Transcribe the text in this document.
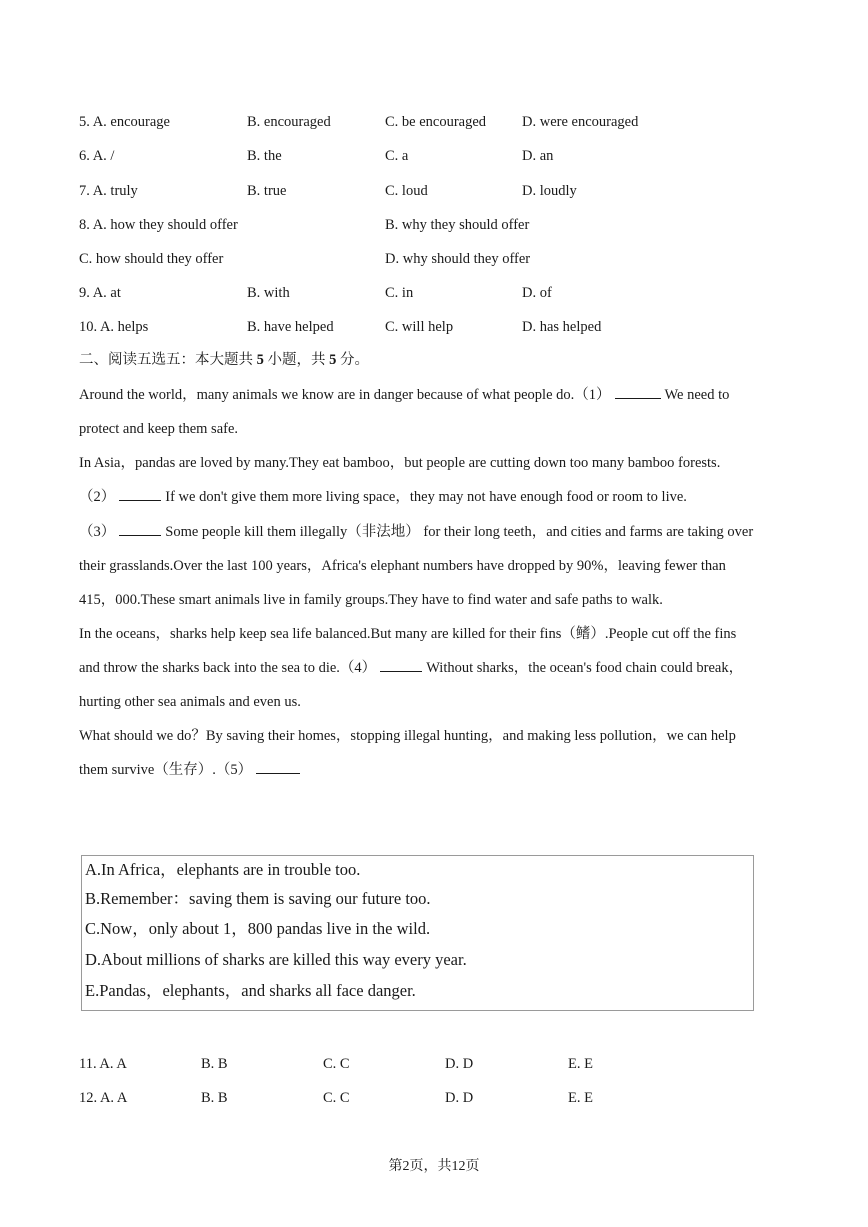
5. A. encourage	B. encouraged	C. be encouraged D. were encouraged
6. A. /	B. the	C. a	D. an
7. A. truly	B. true	C. loud	D. loudly
8. A. how they should offer	B. why they should offer
C. how should they offer	D. why should they offer
9. A. at	B. with	C. in	D. of
10. A. helps	B. have helped	C. will help	D. has helped
二、阅读五选五：本大题共 5 小题，共 5 分。
Around the world，many animals we know are in danger because of what people do.（1）	We need to
protect and keep them safe.
In Asia，pandas are loved by many.They eat bamboo，but people are cutting down too many bamboo forests.
（2）	If we don't give them more living space，they may not have enough food or room to live.
（3）	Some people kill them illegally（非法地） for their long teeth，and cities and farms are taking over
their grasslands.Over the last 100 years，Africa's elephant numbers have dropped by 90%，leaving fewer than
415，000.These smart animals live in family groups.They have to find water and safe paths to walk.
In the oceans，sharks help keep sea life balanced.But many are killed for their fins（鳍）.People cut off the fins
and throw the sharks back into the sea to die.（4）	Without sharks，the ocean's food chain could break，
hurting other sea animals and even us.
What should we do？By saving their homes，stopping illegal hunting，and making less pollution，we can help
them survive（生存）.（5）
A.In Africa，elephants are in trouble too.
B.Remember：saving them is saving our future too.
C.Now，only about 1，800 pandas live in the wild.
D.About millions of sharks are killed this way every year.
E.Pandas，elephants，and sharks all face danger.
11. A. A	B. B	C. C	D. D	E. E
12. A. A	B. B	C. C	D. D	E. E
第2页，共12页
